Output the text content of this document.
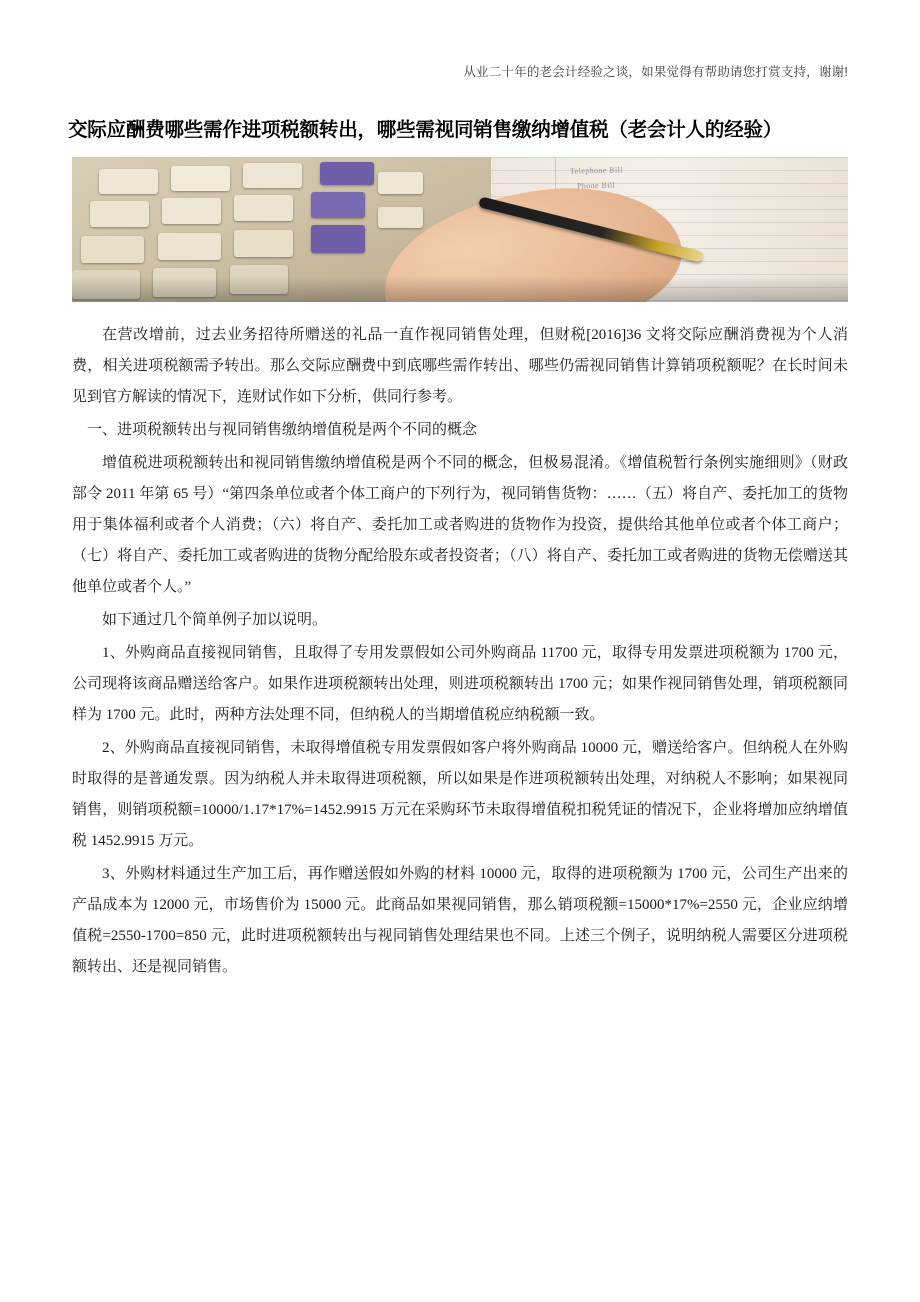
从业二十年的老会计经验之谈，如果觉得有帮助请您打赏支持，谢谢!
交际应酬费哪些需作进项税额转出，哪些需视同销售缴纳增值税（老会计人的经验）
Telephone Bill
Phone Bill

在营改增前，过去业务招待所赠送的礼品一直作视同销售处理，但财税[2016]36 文将交际应酬消费视为个人消费，相关进项税额需予转出。那么交际应酬费中到底哪些需作转出、哪些仍需视同销售计算销项税额呢？在长时间未见到官方解读的情况下，连财试作如下分析，供同行参考。

一、进项税额转出与视同销售缴纳增值税是两个不同的概念

增值税进项税额转出和视同销售缴纳增值税是两个不同的概念，但极易混淆。《增值税暂行条例实施细则》（财政部令 2011 年第 65 号）“第四条单位或者个体工商户的下列行为，视同销售货物：……（五）将自产、委托加工的货物用于集体福利或者个人消费；（六）将自产、委托加工或者购进的货物作为投资，提供给其他单位或者个体工商户；（七）将自产、委托加工或者购进的货物分配给股东或者投资者；（八）将自产、委托加工或者购进的货物无偿赠送其他单位或者个人。”

如下通过几个简单例子加以说明。

1、外购商品直接视同销售，且取得了专用发票假如公司外购商品 11700 元，取得专用发票进项税额为 1700 元，公司现将该商品赠送给客户。如果作进项税额转出处理，则进项税额转出 1700 元；如果作视同销售处理，销项税额同样为 1700 元。此时，两种方法处理不同，但纳税人的当期增值税应纳税额一致。

2、外购商品直接视同销售，未取得增值税专用发票假如客户将外购商品 10000 元，赠送给客户。但纳税人在外购时取得的是普通发票。因为纳税人并未取得进项税额，所以如果是作进项税额转出处理，对纳税人不影响；如果视同销售，则销项税额=10000/1.17*17%=1452.9915 万元在采购环节未取得增值税扣税凭证的情况下，企业将增加应纳增值税 1452.9915 万元。

3、外购材料通过生产加工后，再作赠送假如外购的材料 10000 元，取得的进项税额为 1700 元，公司生产出来的产品成本为 12000 元，市场售价为 15000 元。此商品如果视同销售，那么销项税额=15000*17%=2550 元，企业应纳增值税=2550-1700=850 元，此时进项税额转出与视同销售处理结果也不同。上述三个例子，说明纳税人需要区分进项税额转出、还是视同销售。
